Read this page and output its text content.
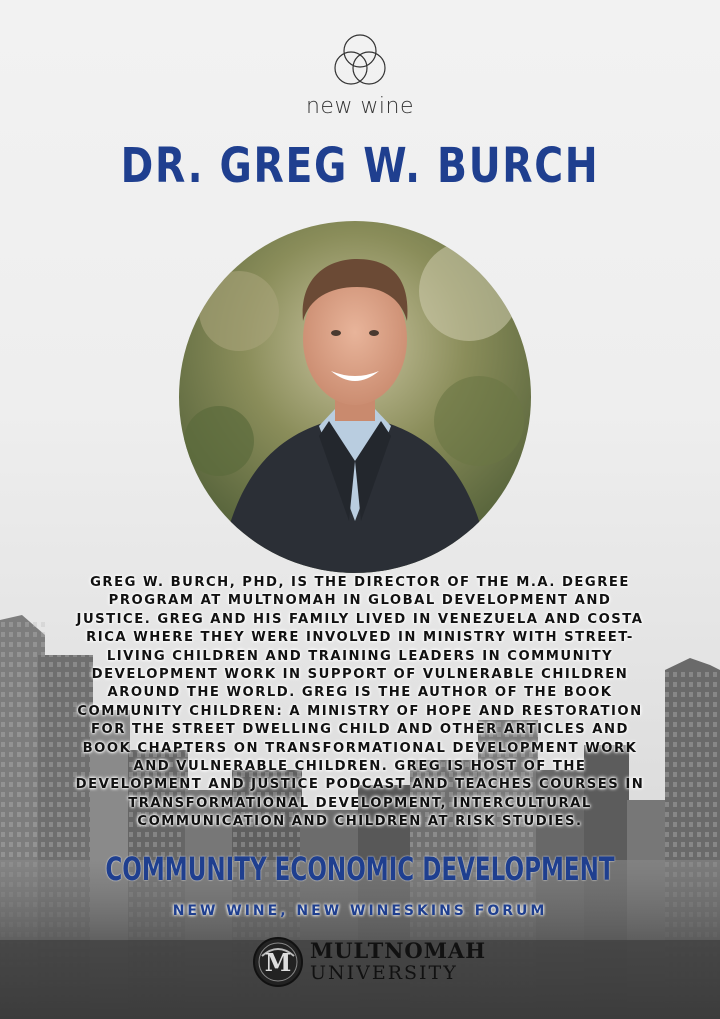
new wine
DR. GREG W. BURCH
GREG W. BURCH, PHD, IS THE DIRECTOR OF THE M.A. DEGREE PROGRAM AT MULTNOMAH IN GLOBAL DEVELOPMENT AND JUSTICE. GREG AND HIS FAMILY LIVED IN VENEZUELA AND COSTA RICA WHERE THEY WERE INVOLVED IN MINISTRY WITH STREET-LIVING CHILDREN AND TRAINING LEADERS IN COMMUNITY DEVELOPMENT WORK IN SUPPORT OF VULNERABLE CHILDREN AROUND THE WORLD. GREG IS THE AUTHOR OF THE BOOK COMMUNITY CHILDREN: A MINISTRY OF HOPE AND RESTORATION FOR THE STREET DWELLING CHILD AND OTHER ARTICLES AND BOOK CHAPTERS ON TRANSFORMATIONAL DEVELOPMENT WORK AND VULNERABLE CHILDREN. GREG IS HOST OF THE DEVELOPMENT AND JUSTICE PODCAST AND TEACHES COURSES IN TRANSFORMATIONAL DEVELOPMENT, INTERCULTURAL COMMUNICATION AND CHILDREN AT RISK STUDIES.
COMMUNITY ECONOMIC DEVELOPMENT
NEW WINE, NEW WINESKINS FORUM
M MULTNOMAH
UNIVERSITY
